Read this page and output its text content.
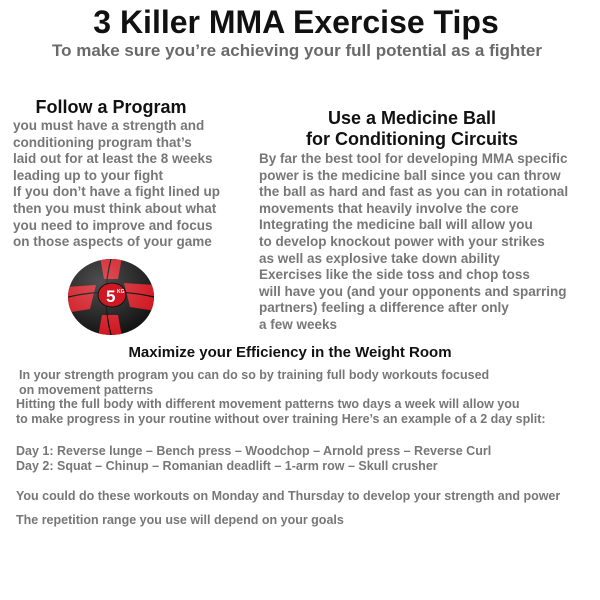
3 Killer MMA Exercise Tips

To make sure you’re achieving your full potential as a fighter

Follow a Program
you must have a strength and
conditioning program that’s
laid out for at least the 8 weeks
leading up to your fight
If you don’t have a fight lined up
then you must think about what
you need to improve and focus
on those aspects of your game
5 KG
Use a Medicine Ball
for Conditioning Circuits
By far the best tool for developing MMA specific
power is the medicine ball since you can throw
the ball as hard and fast as you can in rotational
movements that heavily involve the core
Integrating the medicine ball will allow you
to develop knockout power with your strikes
as well as explosive take down ability
Exercises like the side toss and chop toss
will have you (and your opponents and sparring
partners) feeling a difference after only
a few weeks
Maximize your Efficiency in the Weight Room
In your strength program you can do so by training full body workouts focused
on movement patterns
Hitting the full body with different movement patterns two days a week will allow you
to make progress in your routine without over training Here’s an example of a 2 day split:
Day 1: Reverse lunge – Bench press – Woodchop – Arnold press – Reverse Curl
Day 2: Squat – Chinup – Romanian deadlift – 1-arm row – Skull crusher

You could do these workouts on Monday and Thursday to develop your strength and power

The repetition range you use will depend on your goals
